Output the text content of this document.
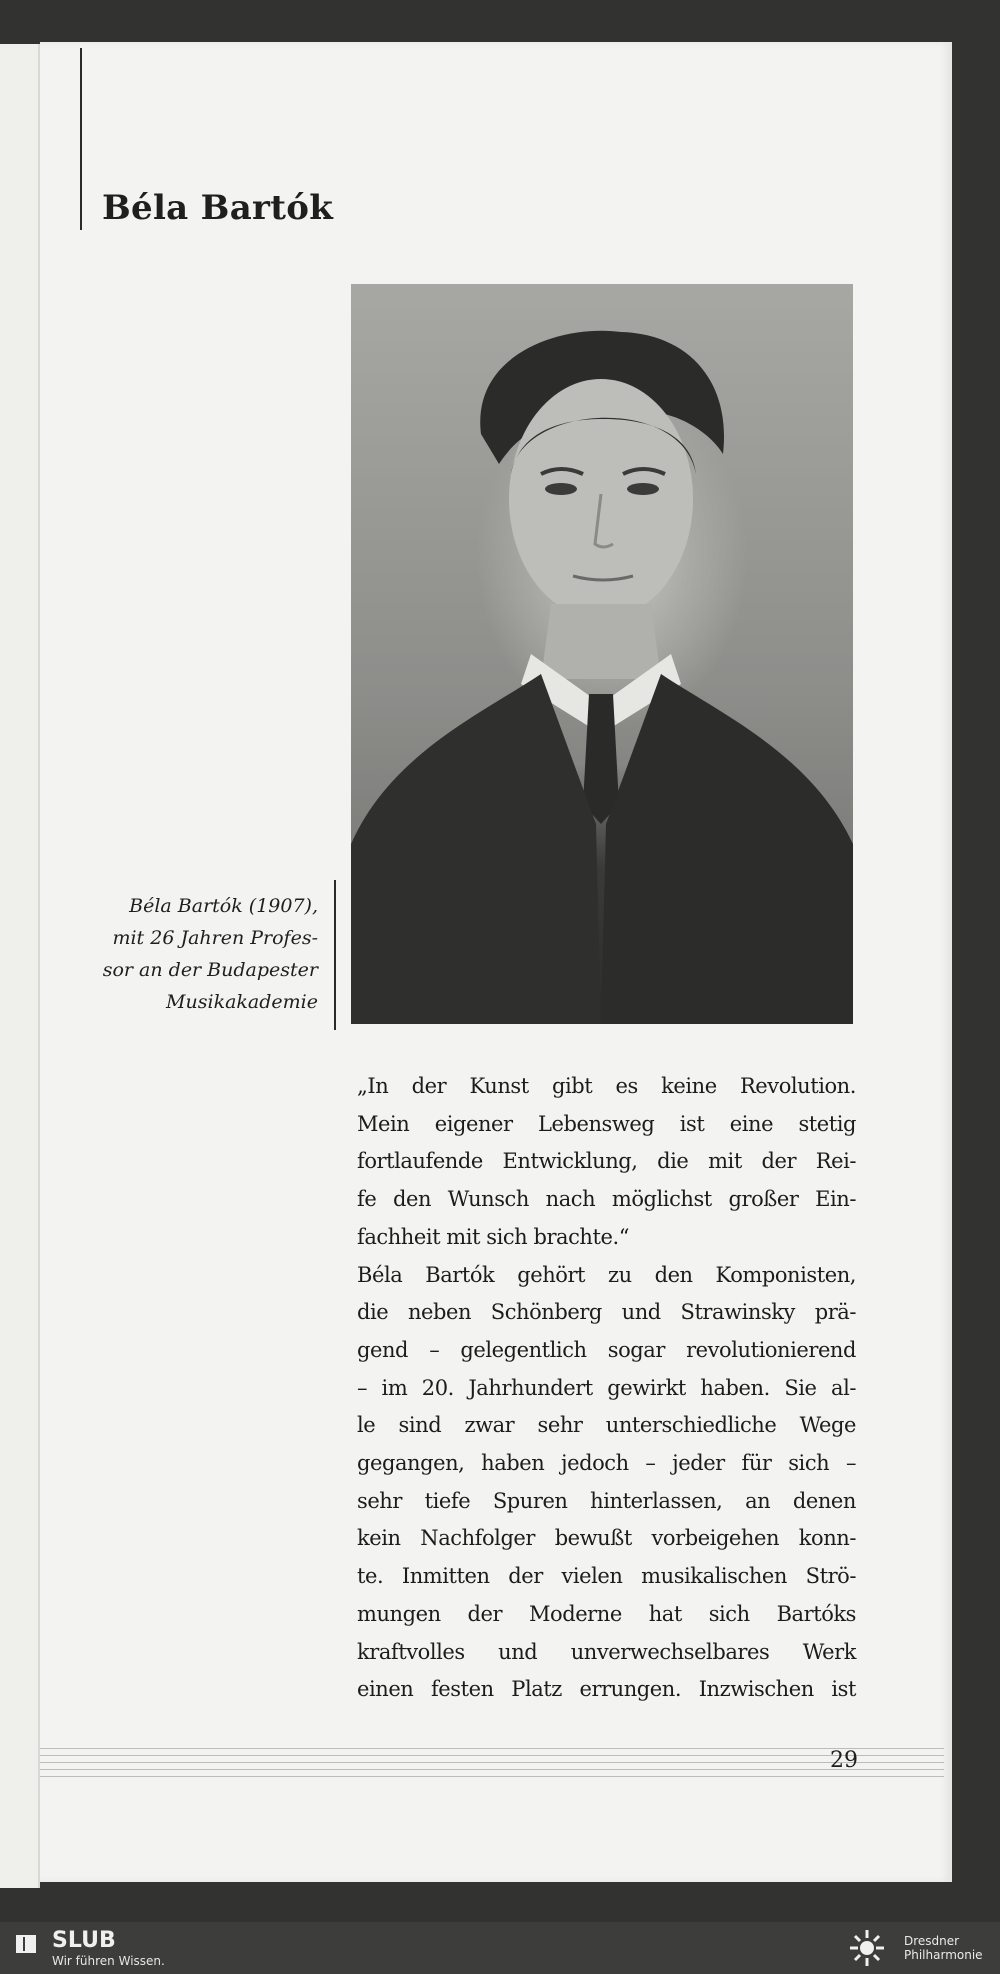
Béla Bartók
Béla Bartók (1907),
mit 26 Jahren Profes-
sor an der Budapester
Musikakademie
„In der Kunst gibt es keine Revolution.
Mein eigener Lebensweg ist eine stetig
fortlaufende Entwicklung, die mit der Rei-
fe den Wunsch nach möglichst großer Ein-
fachheit mit sich brachte.“
Béla Bartók gehört zu den Komponisten,
die neben Schönberg und Strawinsky prä-
gend – gelegentlich sogar revolutionierend
– im 20. Jahrhundert gewirkt haben. Sie al-
le sind zwar sehr unterschiedliche Wege
gegangen, haben jedoch – jeder für sich –
sehr tiefe Spuren hinterlassen, an denen
kein Nachfolger bewußt vorbeigehen konn-
te. Inmitten der vielen musikalischen Strö-
mungen der Moderne hat sich Bartóks
kraftvolles und unverwechselbares Werk
einen festen Platz errungen. Inzwischen ist
29
SLUB
Wir führen Wissen.
Dresdner
Philharmonie
